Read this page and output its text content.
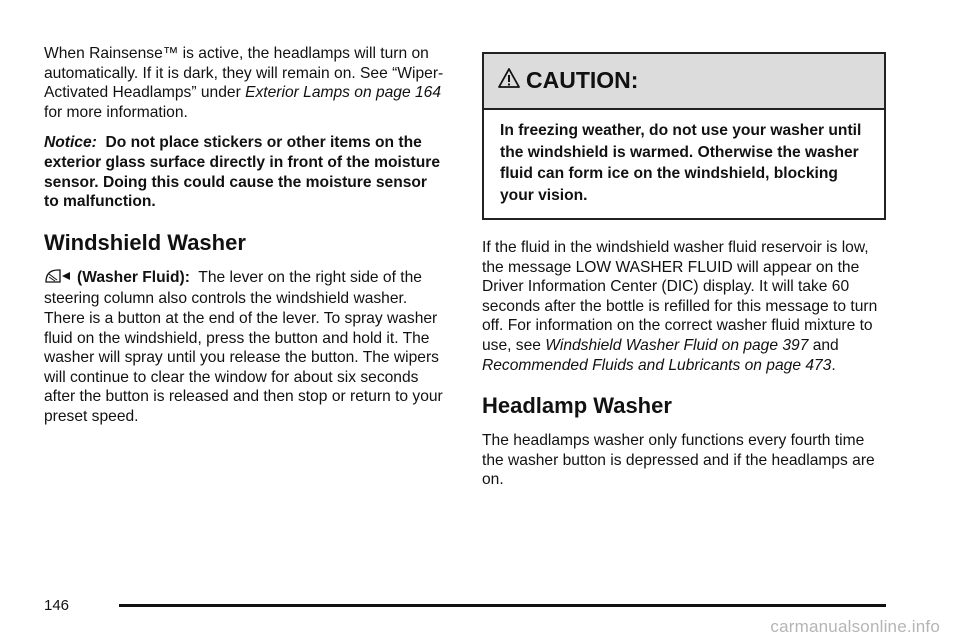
When Rainsense™ is active, the headlamps will turn on automatically. If it is dark, they will remain on. See “Wiper-Activated Headlamps” under Exterior Lamps on page 164 for more information.

Notice: Do not place stickers or other items on the exterior glass surface directly in front of the moisture sensor. Doing this could cause the moisture sensor to malfunction.

Windshield Washer

(Washer Fluid): The lever on the right side of the steering column also controls the windshield washer. There is a button at the end of the lever. To spray washer fluid on the windshield, press the button and hold it. The washer will spray until you release the button. The wipers will continue to clear the window for about six seconds after the button is released and then stop or return to your preset speed.

CAUTION:
In freezing weather, do not use your washer until the windshield is warmed. Otherwise the washer fluid can form ice on the windshield, blocking your vision.

If the fluid in the windshield washer fluid reservoir is low, the message LOW WASHER FLUID will appear on the Driver Information Center (DIC) display. It will take 60 seconds after the bottle is refilled for this message to turn off. For information on the correct washer fluid mixture to use, see Windshield Washer Fluid on page 397 and Recommended Fluids and Lubricants on page 473.

Headlamp Washer

The headlamps washer only functions every fourth time the washer button is depressed and if the headlamps are on.

146
carmanualsonline.info
